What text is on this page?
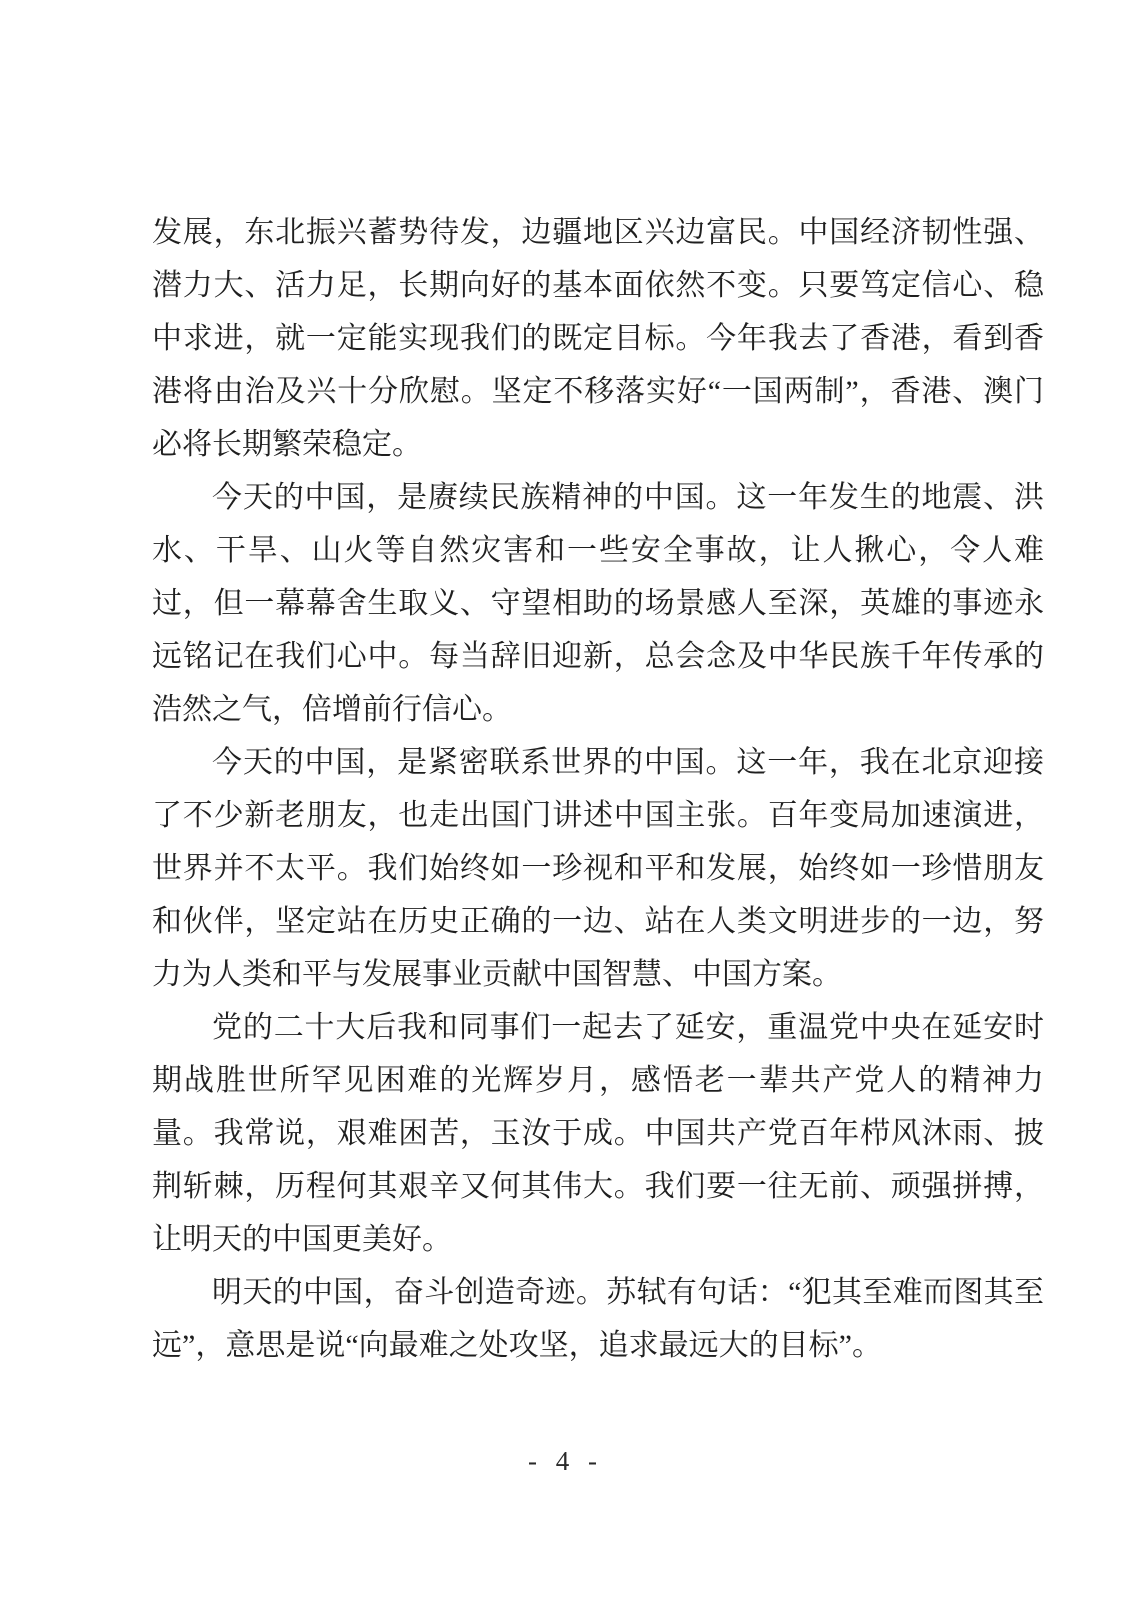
发展，东北振兴蓄势待发，边疆地区兴边富民。中国经济韧性强、潜力大、活力足，长期向好的基本面依然不变。只要笃定信心、稳中求进，就一定能实现我们的既定目标。今年我去了香港，看到香港将由治及兴十分欣慰。坚定不移落实好“一国两制”，香港、澳门必将长期繁荣稳定。

今天的中国，是赓续民族精神的中国。这一年发生的地震、洪水、干旱、山火等自然灾害和一些安全事故，让人揪心，令人难过，但一幕幕舍生取义、守望相助的场景感人至深，英雄的事迹永远铭记在我们心中。每当辞旧迎新，总会念及中华民族千年传承的浩然之气，倍增前行信心。

今天的中国，是紧密联系世界的中国。这一年，我在北京迎接了不少新老朋友，也走出国门讲述中国主张。百年变局加速演进，世界并不太平。我们始终如一珍视和平和发展，始终如一珍惜朋友和伙伴，坚定站在历史正确的一边、站在人类文明进步的一边，努力为人类和平与发展事业贡献中国智慧、中国方案。

党的二十大后我和同事们一起去了延安，重温党中央在延安时期战胜世所罕见困难的光辉岁月，感悟老一辈共产党人的精神力量。我常说，艰难困苦，玉汝于成。中国共产党百年栉风沐雨、披荆斩棘，历程何其艰辛又何其伟大。我们要一往无前、顽强拼搏，让明天的中国更美好。

明天的中国，奋斗创造奇迹。苏轼有句话：“犯其至难而图其至远”，意思是说“向最难之处攻坚，追求最远大的目标”。

- 4 -
